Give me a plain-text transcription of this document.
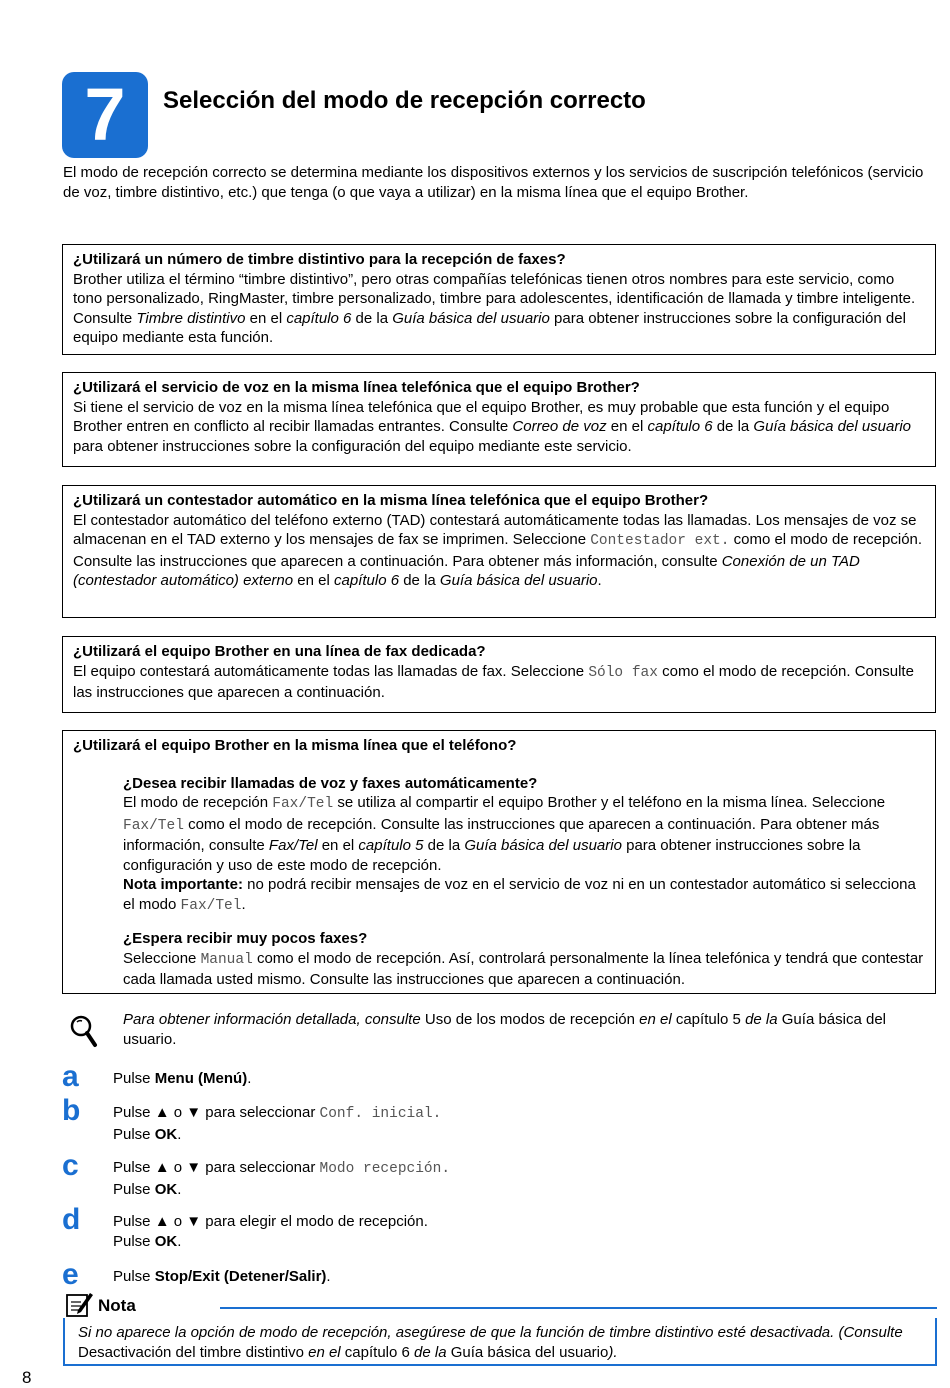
7	Selección del modo de recepción correcto
El modo de recepción correcto se determina mediante los dispositivos externos y los servicios de suscripción telefónicos (servicio de voz, timbre distintivo, etc.) que tenga (o que vaya a utilizar) en la misma línea que el equipo Brother.

¿Utilizará un número de timbre distintivo para la recepción de faxes?

Brother utiliza el término “timbre distintivo”, pero otras compañías telefónicas tienen otros nombres para este servicio, como tono personalizado, RingMaster, timbre personalizado, timbre para adolescentes, identificación de llamada y timbre inteligente. Consulte Timbre distintivo en el capítulo 6 de la Guía básica del usuario para obtener instrucciones sobre la configuración del equipo mediante esta función.

¿Utilizará el servicio de voz en la misma línea telefónica que el equipo Brother?

Si tiene el servicio de voz en la misma línea telefónica que el equipo Brother, es muy probable que esta función y el equipo Brother entren en conflicto al recibir llamadas entrantes. Consulte Correo de voz en el capítulo 6 de la Guía básica del usuario para obtener instrucciones sobre la configuración del equipo mediante este servicio.

¿Utilizará un contestador automático en la misma línea telefónica que el equipo Brother?

El contestador automático del teléfono externo (TAD) contestará automáticamente todas las llamadas. Los mensajes de voz se almacenan en el TAD externo y los mensajes de fax se imprimen. Seleccione Contestador ext. como el modo de recepción. Consulte las instrucciones que aparecen a continuación. Para obtener más información, consulte Conexión de un TAD (contestador automático) externo en el capítulo 6 de la Guía básica del usuario.

¿Utilizará el equipo Brother en una línea de fax dedicada?

El equipo contestará automáticamente todas las llamadas de fax. Seleccione Sólo fax como el modo de recepción. Consulte las instrucciones que aparecen a continuación.

¿Utilizará el equipo Brother en la misma línea que el teléfono?

¿Desea recibir llamadas de voz y faxes automáticamente?

El modo de recepción Fax/Tel se utiliza al compartir el equipo Brother y el teléfono en la misma línea. Seleccione Fax/Tel como el modo de recepción. Consulte las instrucciones que aparecen a continuación. Para obtener más información, consulte Fax/Tel en el capítulo 5 de la Guía básica del usuario para obtener instrucciones sobre la configuración y uso de este modo de recepción.
Nota importante: no podrá recibir mensajes de voz en el servicio de voz ni en un contestador automático si selecciona el modo Fax/Tel.

¿Espera recibir muy pocos faxes?

Seleccione Manual como el modo de recepción. Así, controlará personalmente la línea telefónica y tendrá que contestar cada llamada usted mismo. Consulte las instrucciones que aparecen a continuación.

Para obtener información detallada, consulte Uso de los modos de recepción en el capítulo 5 de la Guía básica del usuario.
a Pulse Menu (Menú).
b Pulse ▲ o ▼ para seleccionar Conf. inicial.
Pulse OK.
c Pulse ▲ o ▼ para seleccionar Modo recepción.
Pulse OK.
d Pulse ▲ o ▼ para elegir el modo de recepción.
Pulse OK.
e Pulse Stop/Exit (Detener/Salir).
Nota
Si no aparece la opción de modo de recepción, asegúrese de que la función de timbre distintivo esté desactivada. (Consulte Desactivación del timbre distintivo en el capítulo 6 de la Guía básica del usuario).
8
